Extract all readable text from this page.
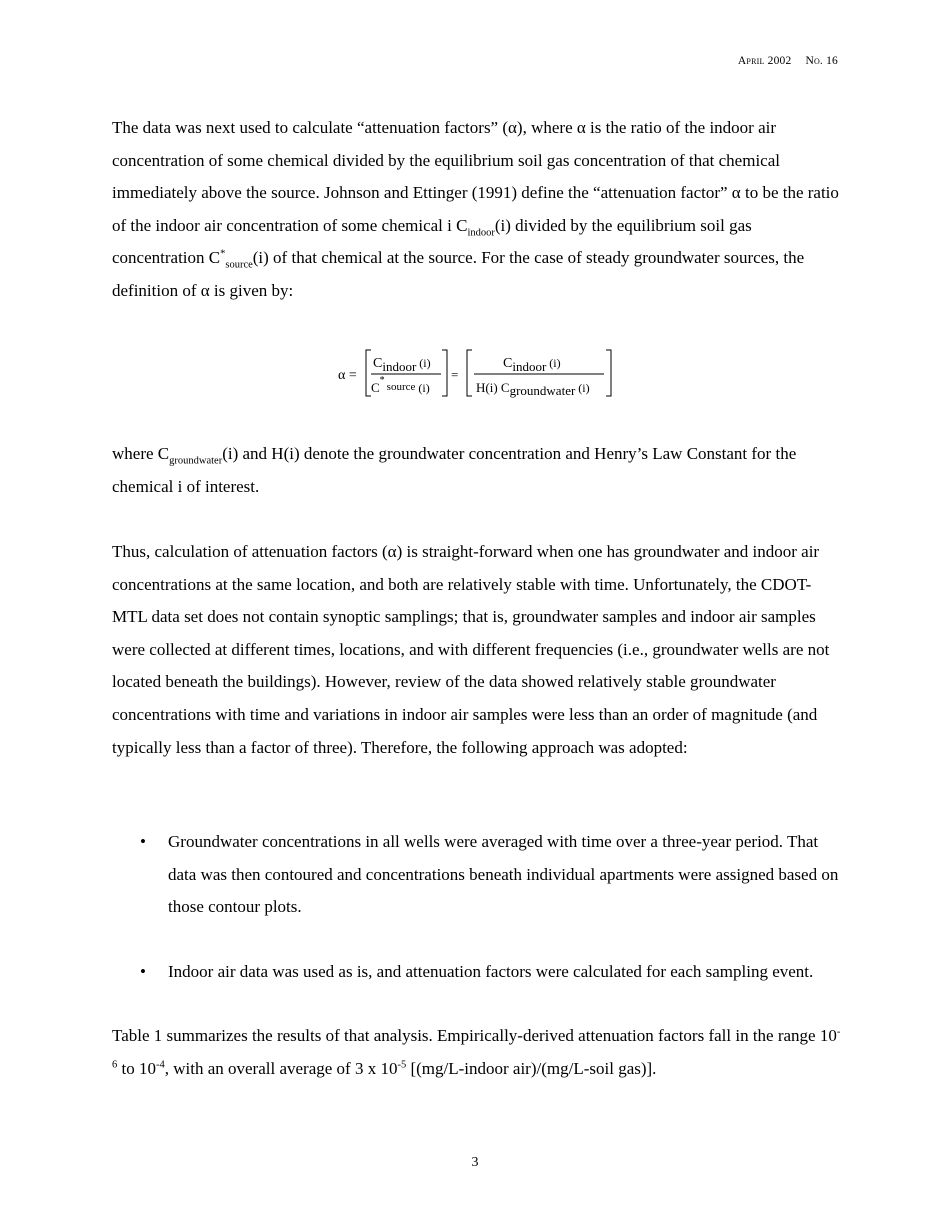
April 2002 No. 16

The data was next used to calculate “attenuation factors” (α), where α is the ratio of the indoor air concentration of some chemical divided by the equilibrium soil gas concentration of that chemical immediately above the source. Johnson and Ettinger (1991) define the “attenuation factor” α to be the ratio of the indoor air concentration of some chemical i $C_{indoor}(i)$ divided by the equilibrium soil gas concentration $C^*_{source}(i)$ of that chemical at the source. For the case of steady groundwater sources, the definition of α is given by:

α =
Cindoor (i)
$C^*_{source}$ (i)
=
Cindoor (i)
H(i) Cgroundwater (i)

where $C_{groundwater}(i)$ and H(i) denote the groundwater concentration and Henry’s Law Constant for the chemical i of interest.

Thus, calculation of attenuation factors (α) is straight-forward when one has groundwater and indoor air concentrations at the same location, and both are relatively stable with time. Unfortunately, the CDOT-MTL data set does not contain synoptic samplings; that is, groundwater samples and indoor air samples were collected at different times, locations, and with different frequencies (i.e., groundwater wells are not located beneath the buildings). However, review of the data showed relatively stable groundwater concentrations with time and variations in indoor air samples were less than an order of magnitude (and typically less than a factor of three). Therefore, the following approach was adopted:

• Groundwater concentrations in all wells were averaged with time over a three-year period. That data was then contoured and concentrations beneath individual apartments were assigned based on those contour plots.
• Indoor air data was used as is, and attenuation factors were calculated for each sampling event.

Table 1 summarizes the results of that analysis. Empirically-derived attenuation factors fall in the range $10^{-6}$ to $10^{-4}$, with an overall average of 3 x $10^{-5}$ [(mg/L-indoor air)/(mg/L-soil gas)].

3
